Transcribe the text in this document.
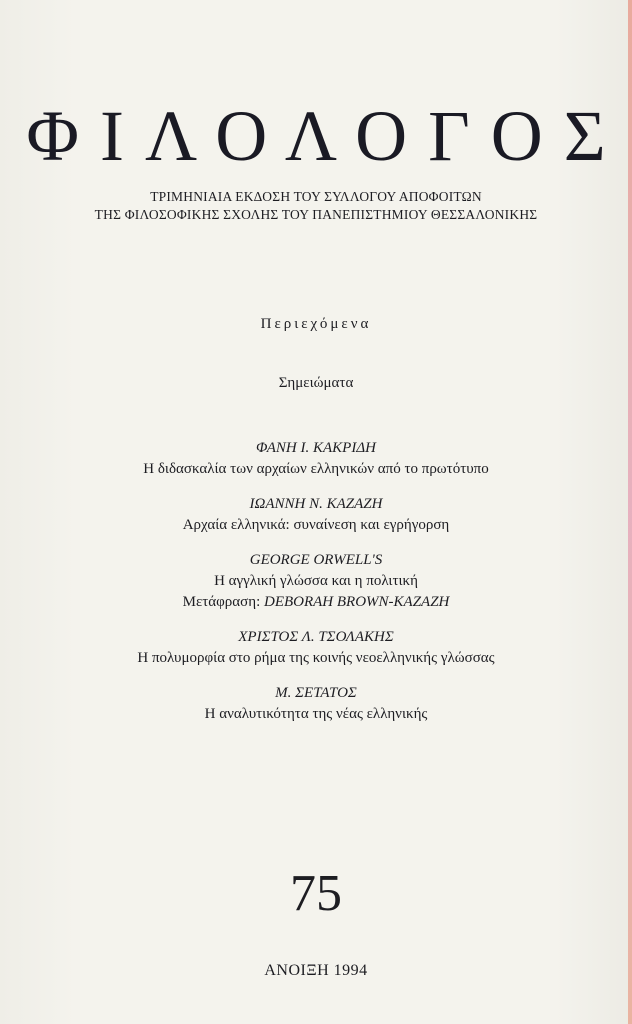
ΦΙΛΟΛΟΓΟΣ
ΤΡΙΜΗΝΙΑΙΑ ΕΚΔΟΣΗ ΤΟΥ ΣΥΛΛΟΓΟΥ ΑΠΟΦΟΙΤΩΝ
ΤΗΣ ΦΙΛΟΣΟΦΙΚΗΣ ΣΧΟΛΗΣ ΤΟΥ ΠΑΝΕΠΙΣΤΗΜΙΟΥ ΘΕΣΣΑΛΟΝΙΚΗΣ
Περιεχόμενα
Σημειώματα
ΦΑΝΗ Ι. ΚΑΚΡΙΔΗ
Η διδασκαλία των αρχαίων ελληνικών από το πρωτότυπο
ΙΩΑΝΝΗ Ν. ΚΑΖΑΖΗ
Αρχαία ελληνικά: συναίνεση και εγρήγορση
GEORGE ORWELL'S
Η αγγλική γλώσσα και η πολιτική
Μετάφραση: DEBORAH BROWN-KAZAZH
ΧΡΙΣΤΟΣ Λ. ΤΣΟΛΑΚΗΣ
Η πολυμορφία στο ρήμα της κοινής νεοελληνικής γλώσσας
Μ. ΣΕΤΑΤΟΣ
Η αναλυτικότητα της νέας ελληνικής
75
ΑΝΟΙΞΗ 1994
